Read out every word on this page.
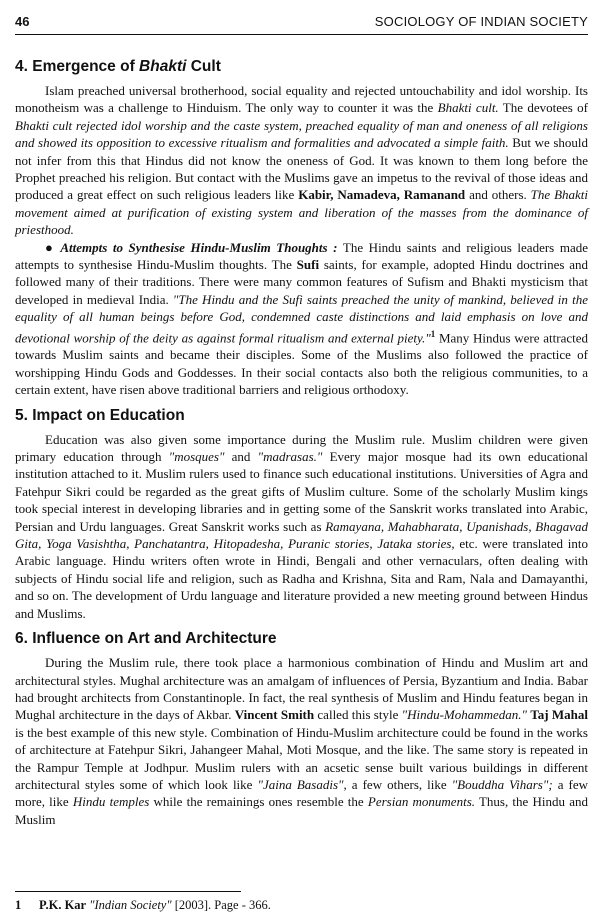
46	SOCIOLOGY OF INDIAN SOCIETY
4. Emergence of Bhakti Cult

Islam preached universal brotherhood, social equality and rejected untouchability and idol worship. Its monotheism was a challenge to Hinduism. The only way to counter it was the Bhakti cult. The devotees of Bhakti cult rejected idol worship and the caste system, preached equality of man and oneness of all religions and showed its opposition to excessive ritualism and formalities and advocated a simple faith. But we should not infer from this that Hindus did not know the oneness of God. It was known to them long before the Prophet preached his religion. But contact with the Muslims gave an impetus to the revival of those ideas and produced a great effect on such religious leaders like Kabir, Namadeva, Ramanand and others. The Bhakti movement aimed at purification of existing system and liberation of the masses from the dominance of priesthood.

● Attempts to Synthesise Hindu-Muslim Thoughts : The Hindu saints and religious leaders made attempts to synthesise Hindu-Muslim thoughts. The Sufi saints, for example, adopted Hindu doctrines and followed many of their traditions. There were many common features of Sufism and Bhakti mysticism that developed in medieval India. "The Hindu and the Sufi saints preached the unity of mankind, believed in the equality of all human beings before God, condemned caste distinctions and laid emphasis on love and devotional worship of the deity as against formal ritualism and external piety."$^1$ Many Hindus were attracted towards Muslim saints and became their disciples. Some of the Muslims also followed the practice of worshipping Hindu Gods and Goddesses. In their social contacts also both the religious communities, to a certain extent, have risen above traditional barriers and religious orthodoxy.

5. Impact on Education

Education was also given some importance during the Muslim rule. Muslim children were given primary education through "mosques" and "madrasas." Every major mosque had its own educational institution attached to it. Muslim rulers used to finance such educational institutions. Universities of Agra and Fatehpur Sikri could be regarded as the great gifts of Muslim culture. Some of the scholarly Muslim kings took special interest in developing libraries and in getting some of the Sanskrit works translated into Arabic, Persian and Urdu languages. Great Sanskrit works such as Ramayana, Mahabharata, Upanishads, Bhagavad Gita, Yoga Vasishtha, Panchatantra, Hitopadesha, Puranic stories, Jataka stories, etc. were translated into Arabic language. Hindu writers often wrote in Hindi, Bengali and other vernaculars, often dealing with subjects of Hindu social life and religion, such as Radha and Krishna, Sita and Ram, Nala and Damayanthi, and so on. The development of Urdu language and literature provided a new meeting ground between Hindus and Muslims.

6. Influence on Art and Architecture

During the Muslim rule, there took place a harmonious combination of Hindu and Muslim art and architectural styles. Mughal architecture was an amalgam of influences of Persia, Byzantium and India. Babar had brought architects from Constantinople. In fact, the real synthesis of Muslim and Hindu features began in Mughal architecture in the days of Akbar. Vincent Smith called this style "Hindu-Mohammedan." Taj Mahal is the best example of this new style. Combination of Hindu-Muslim architecture could be found in the works of architecture at Fatehpur Sikri, Jahangeer Mahal, Moti Mosque, and the like. The same story is repeated in the Rampur Temple at Jodhpur. Muslim rulers with an acsetic sense built various buildings in different architectural styles some of which look like "Jaina Basadis", a few others, like "Bouddha Vihars"; a few more, like Hindu temples while the remainings ones resemble the Persian monuments. Thus, the Hindu and Muslim

1 P.K. Kar "Indian Society" [2003]. Page - 366.
